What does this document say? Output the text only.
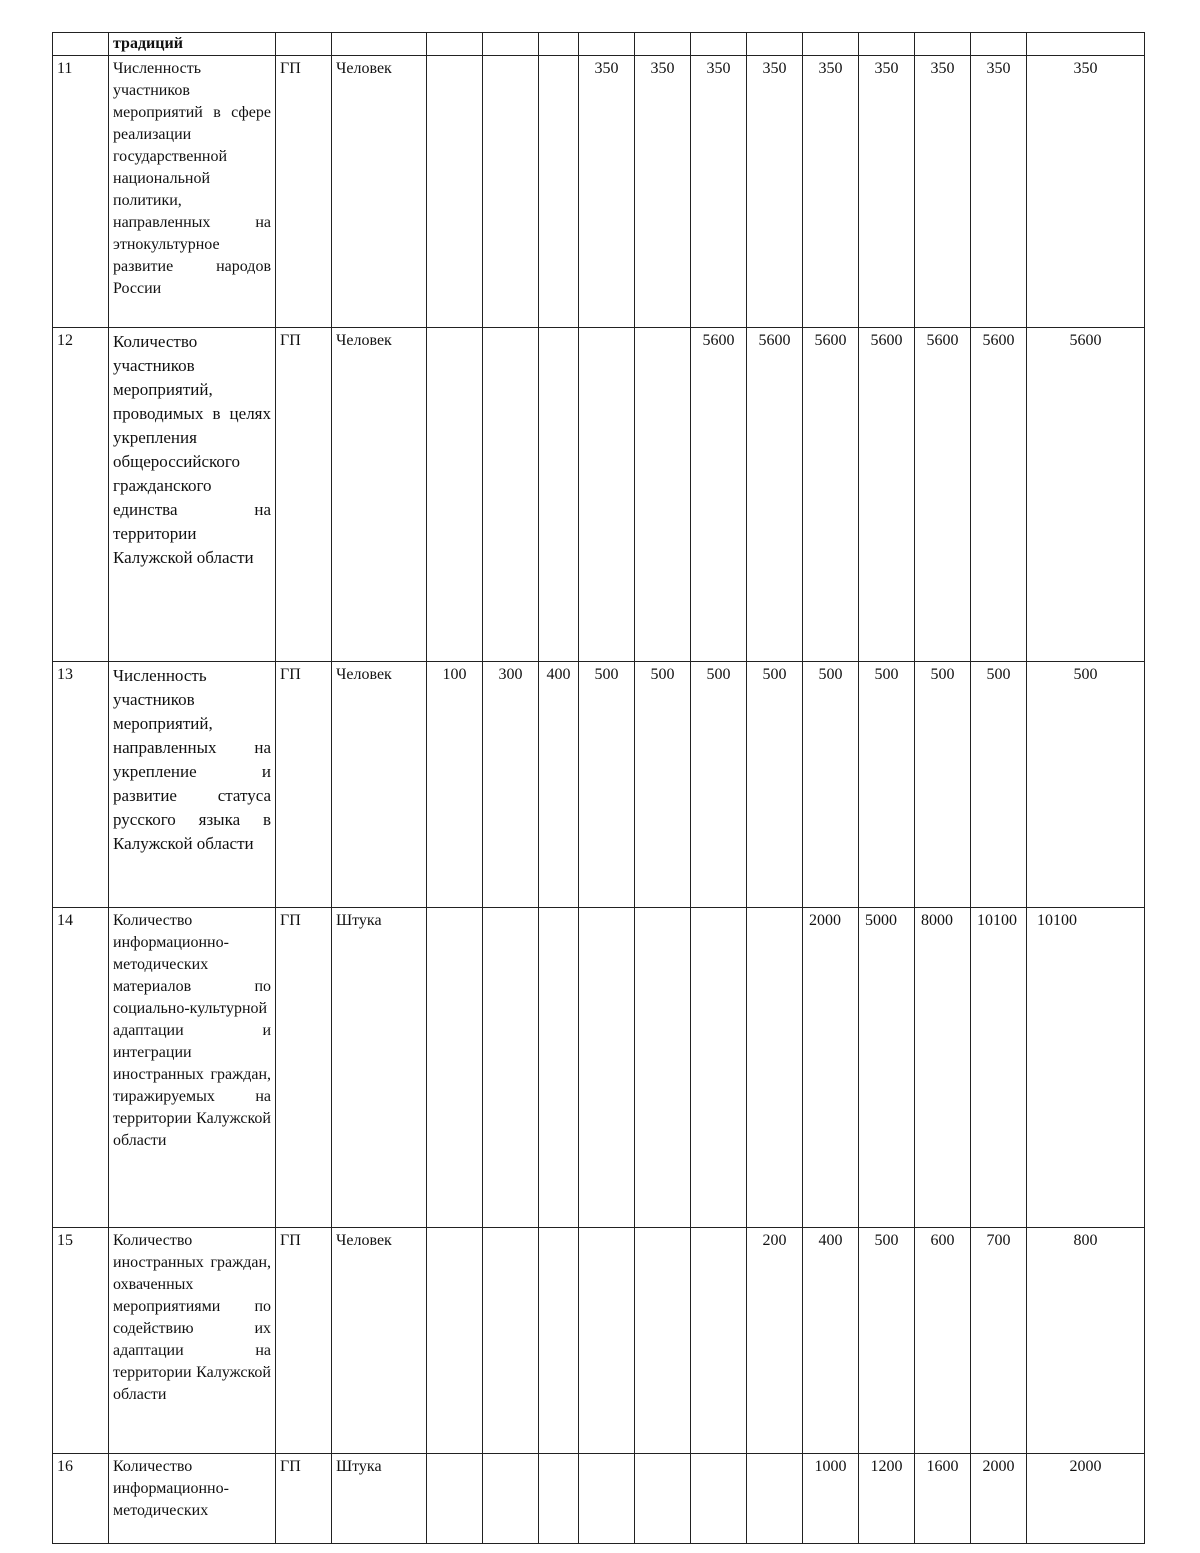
	традиций														
11	Численность участников мероприятий в сфере реализации государственной национальной политики, направленных на этнокультурное развитие народов России	ГП	Человек				350	350	350	350	350	350	350	350	350
12	Количество участников мероприятий, проводимых в целях укрепления общероссийского гражданского единства на территории Калужской области	ГП	Человек						5600	5600	5600	5600	5600	5600	5600
13	Численность участников мероприятий, направленных на укрепление и развитие статуса русского языка в Калужской области	ГП	Человек	100	300	400	500	500	500	500	500	500	500	500	500
14	Количество информационно-методических материалов по социально-культурной адаптации и интеграции иностранных граждан, тиражируемых на территории Калужской области	ГП	Штука								2000	5000	8000	10100	10100
15	Количество иностранных граждан, охваченных мероприятиями по содействию их адаптации на территории Калужской области	ГП	Человек							200	400	500	600	700	800
16	Количество информационно-методических	ГП	Штука								1000	1200	1600	2000	2000
